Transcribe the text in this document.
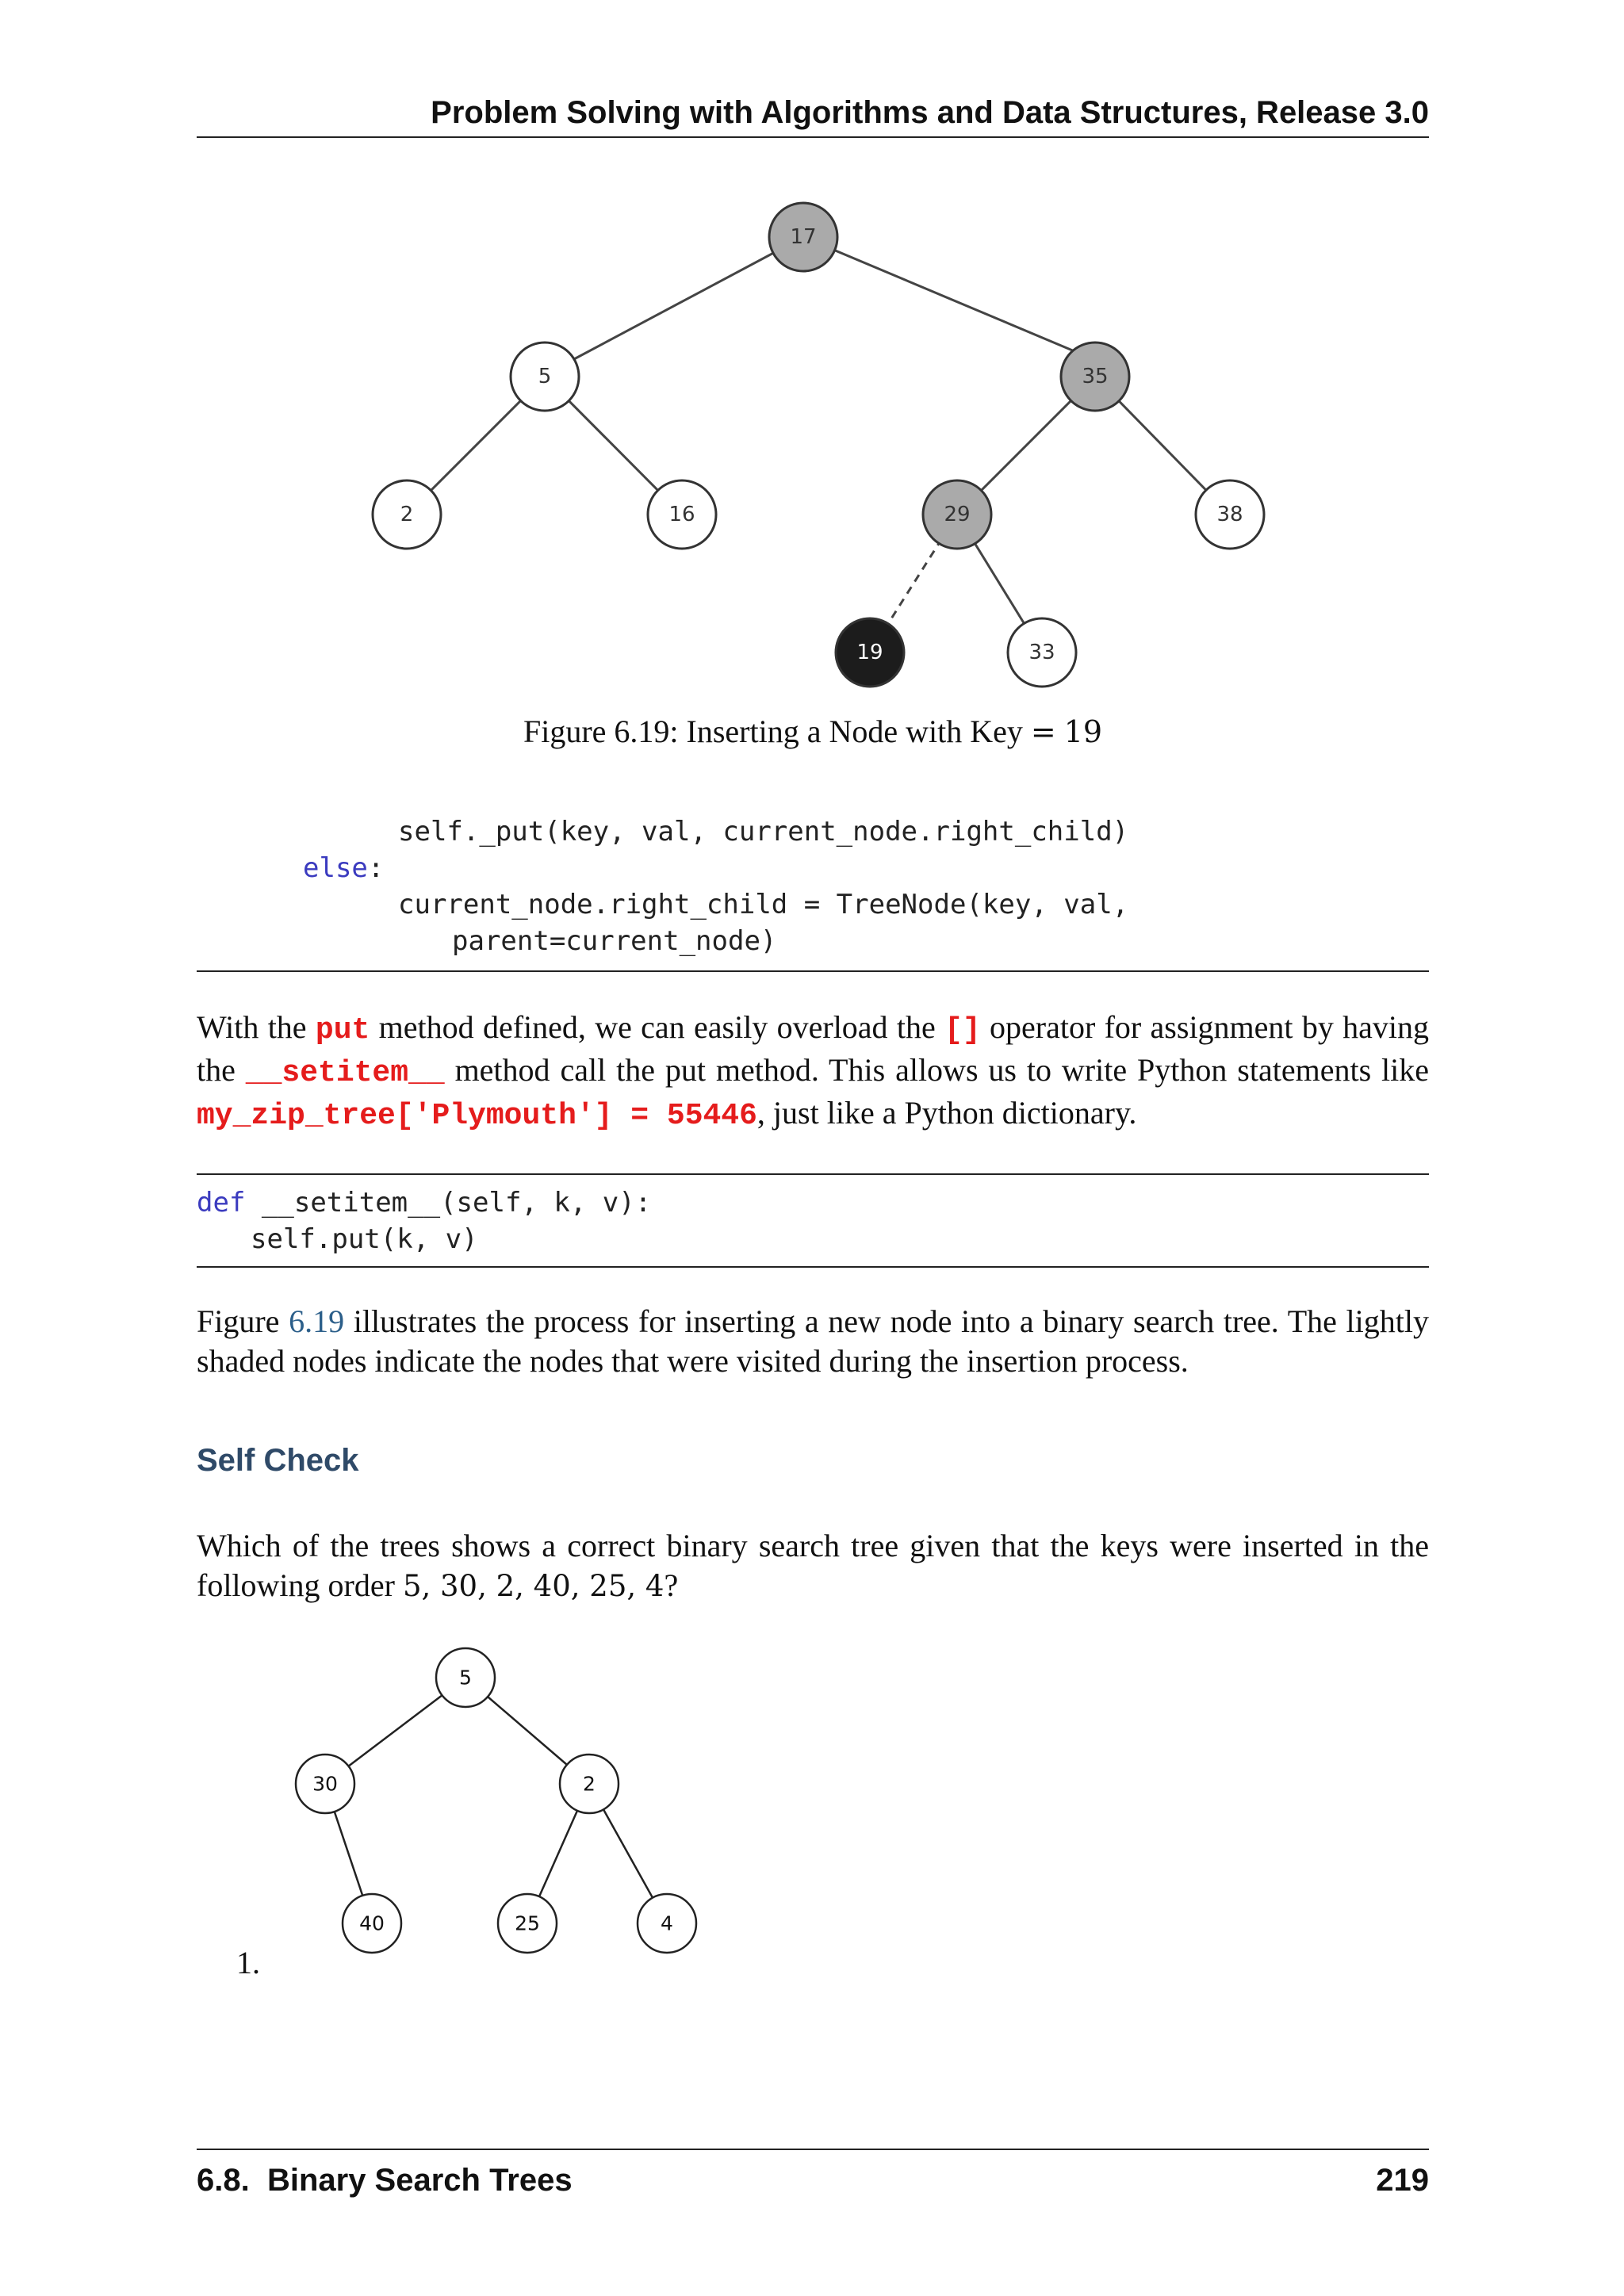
Problem Solving with Algorithms and Data Structures, Release 3.0
17
5	35
2	16	29	38
19	33
Figure 6.19: Inserting a Node with Key = 19
self._put(key, val, current_node.right_child)
else:
current_node.right_child = TreeNode(key, val,
parent=current_node)
With the put method defined, we can easily overload the [] operator for assignment by having
the __setitem__ method call the put method. This allows us to write Python statements like
my_zip_tree['Plymouth'] = 55446, just like a Python dictionary.
def __setitem__(self, k, v):
self.put(k, v)
Figure 6.19 illustrates the process for inserting a new node into a binary search tree. The lightly
shaded nodes indicate the nodes that were visited during the insertion process.
Self Check
Which of the trees shows a correct binary search tree given that the keys were inserted in the
following order 5, 30, 2, 40, 25, 4?
5
30	2
40	25	4
1.
6.8.  Binary Search Trees	219
